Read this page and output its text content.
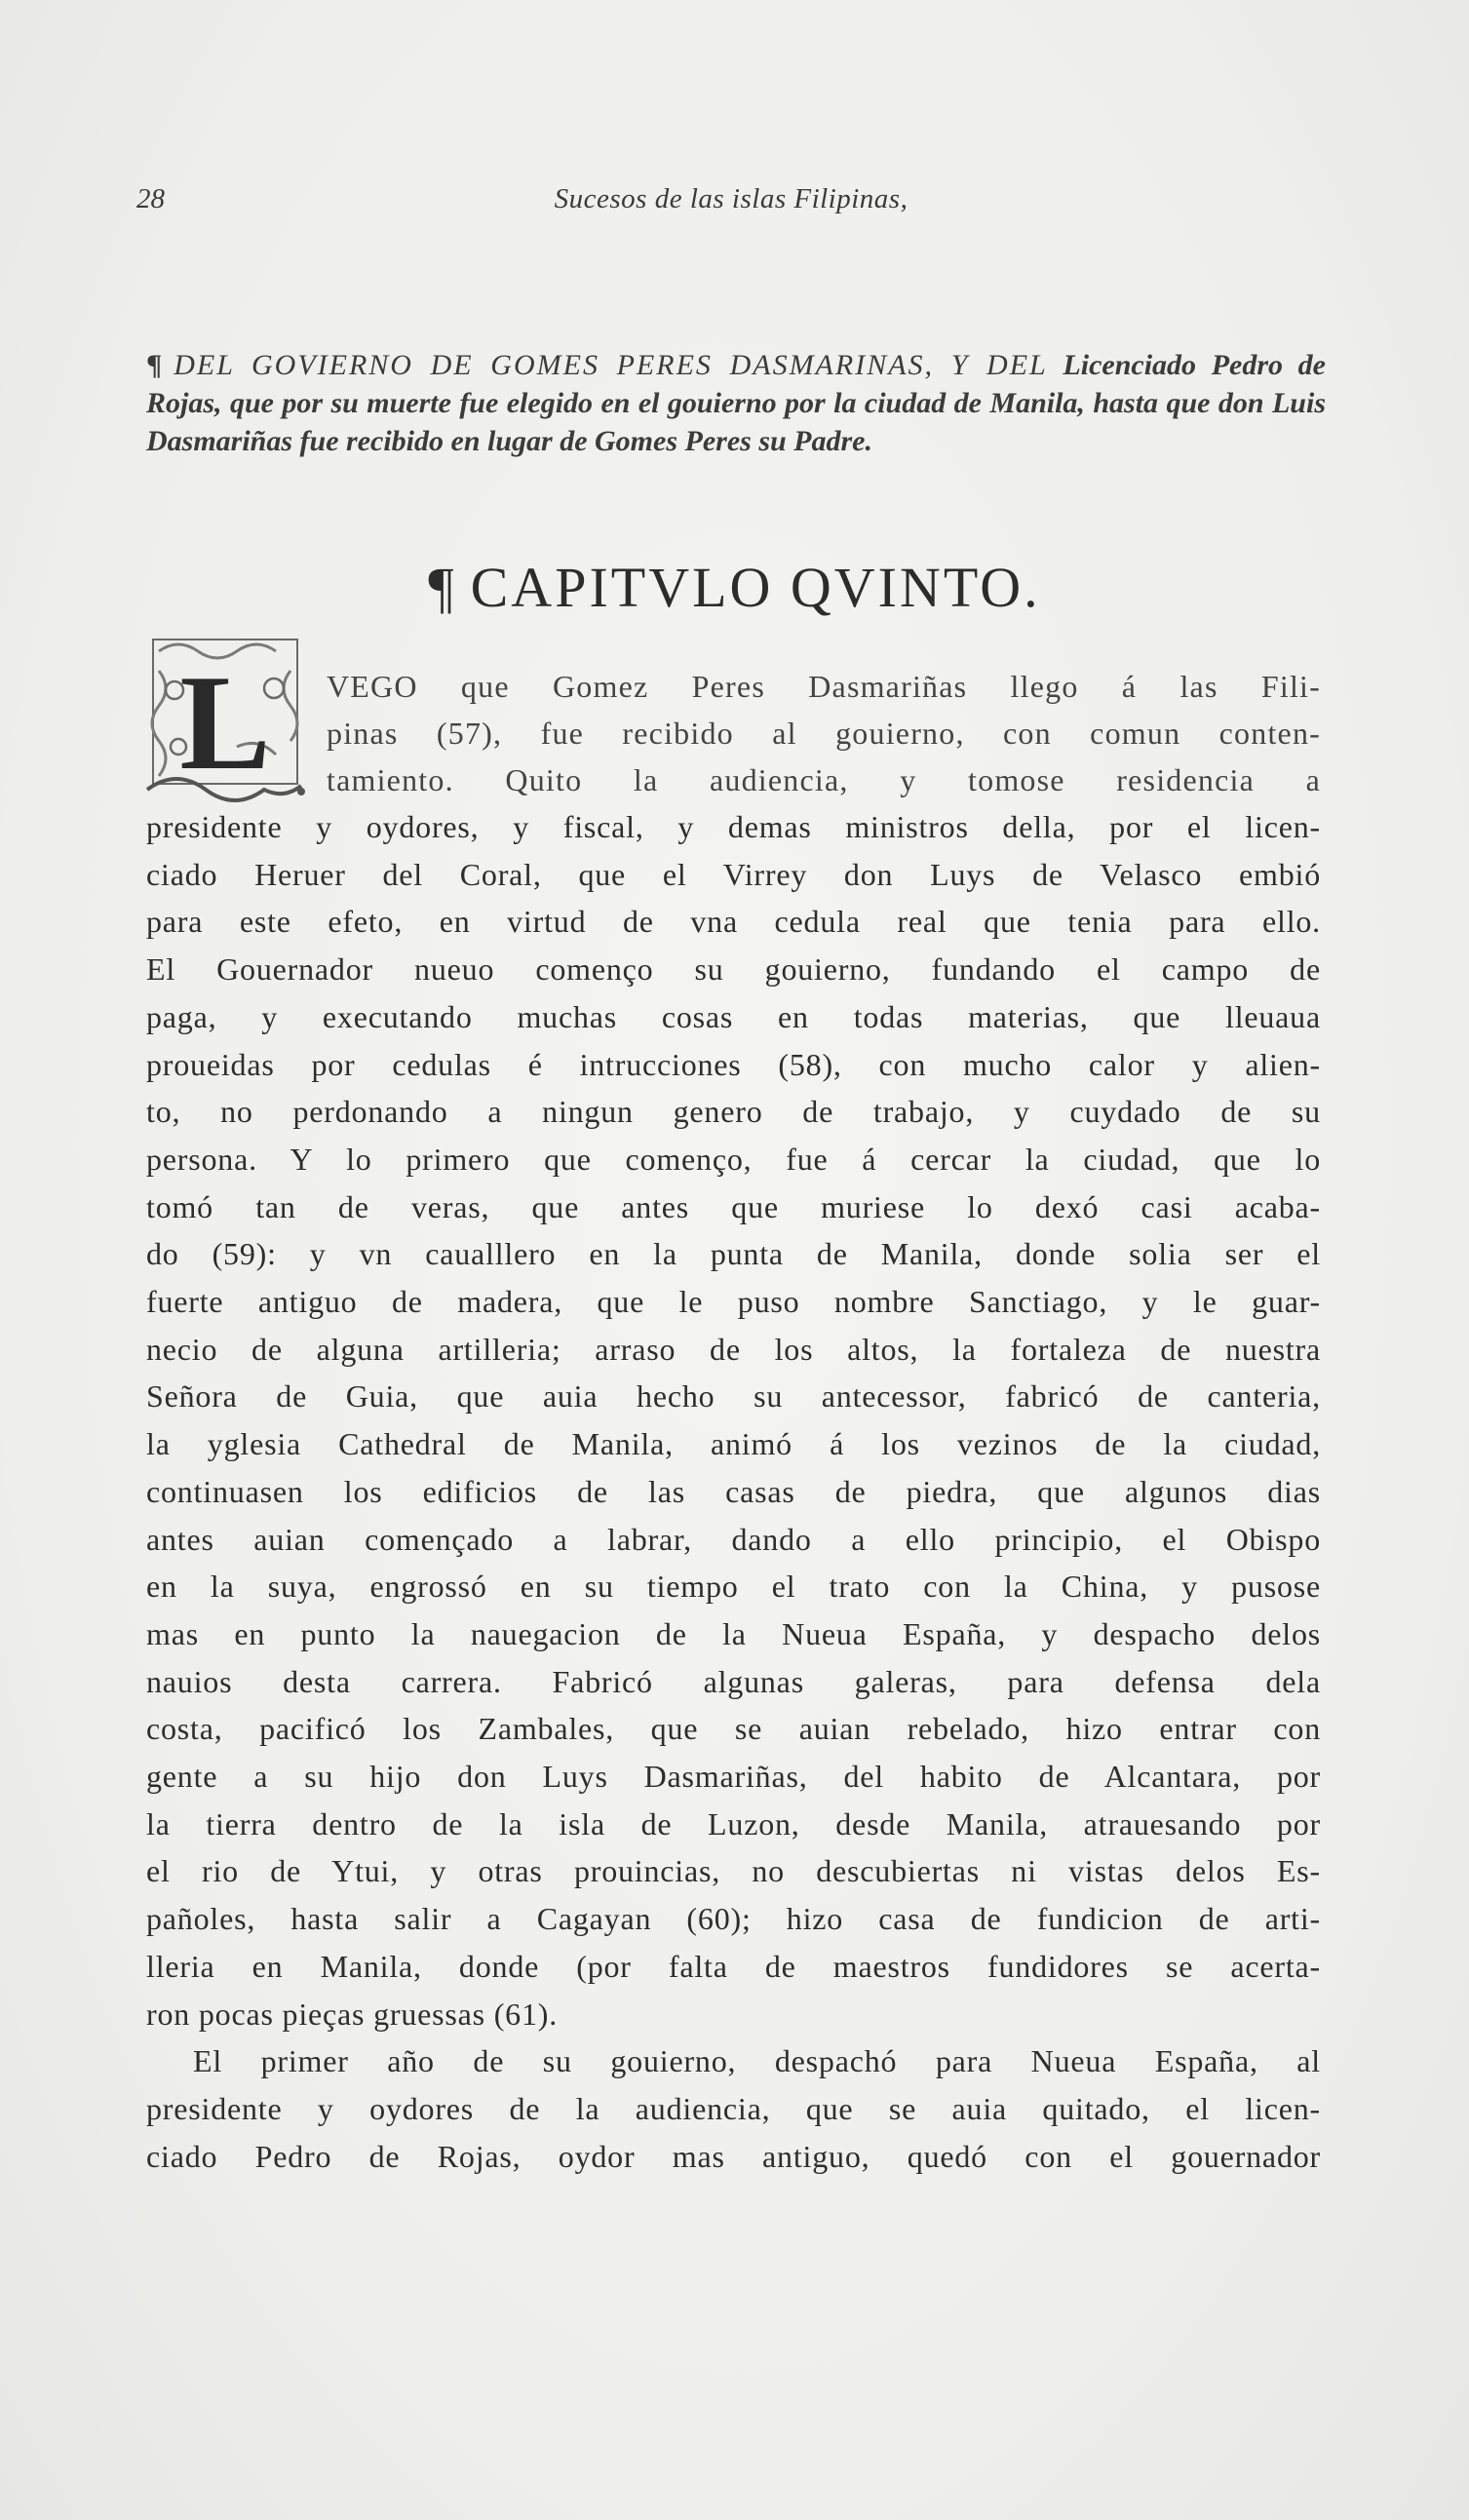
28	Sucesos de las islas Filipinas,
¶ DEL GOVIERNO DE GOMES PERES DASMARINAS, Y DEL Licenciado Pedro de Rojas, que por su muerte fue elegido en el gouierno por la ciudad de Manila, hasta que don Luis Dasmariñas fue recibido en lugar de Gomes Peres su Padre.
¶ CAPITVLO QVINTO.
L VEGO que Gomez Peres Dasmariñas llego á las Fili-
pinas (57), fue recibido al gouierno, con comun conten-
tamiento. Quito la audiencia, y tomose residencia a
presidente y oydores, y fiscal, y demas ministros della, por el licen-
ciado Heruer del Coral, que el Virrey don Luys de Velasco embió
para este efeto, en virtud de vna cedula real que tenia para ello.
El Gouernador nueuo començo su gouierno, fundando el campo de
paga, y executando muchas cosas en todas materias, que lleuaua
proueidas por cedulas é intrucciones (58), con mucho calor y alien-
to, no perdonando a ningun genero de trabajo, y cuydado de su
persona. Y lo primero que començo, fue á cercar la ciudad, que lo
tomó tan de veras, que antes que muriese lo dexó casi acaba-
do (59): y vn caualllero en la punta de Manila, donde solia ser el
fuerte antiguo de madera, que le puso nombre Sanctiago, y le guar-
necio de alguna artilleria; arraso de los altos, la fortaleza de nuestra
Señora de Guia, que auia hecho su antecessor, fabricó de canteria,
la yglesia Cathedral de Manila, animó á los vezinos de la ciudad,
continuasen los edificios de las casas de piedra, que algunos dias
antes auian començado a labrar, dando a ello principio, el Obispo
en la suya, engrossó en su tiempo el trato con la China, y pusose
mas en punto la nauegacion de la Nueua España, y despacho delos
nauios desta carrera. Fabricó algunas galeras, para defensa dela
costa, pacificó los Zambales, que se auian rebelado, hizo entrar con
gente a su hijo don Luys Dasmariñas, del habito de Alcantara, por
la tierra dentro de la isla de Luzon, desde Manila, atrauesando por
el rio de Ytui, y otras prouincias, no descubiertas ni vistas delos Es-
pañoles, hasta salir a Cagayan (60); hizo casa de fundicion de arti-
lleria en Manila, donde (por falta de maestros fundidores se acerta-
ron pocas pieças gruessas (61).
El primer año de su gouierno, despachó para Nueua España, al
presidente y oydores de la audiencia, que se auia quitado, el licen-
ciado Pedro de Rojas, oydor mas antiguo, quedó con el gouernador
